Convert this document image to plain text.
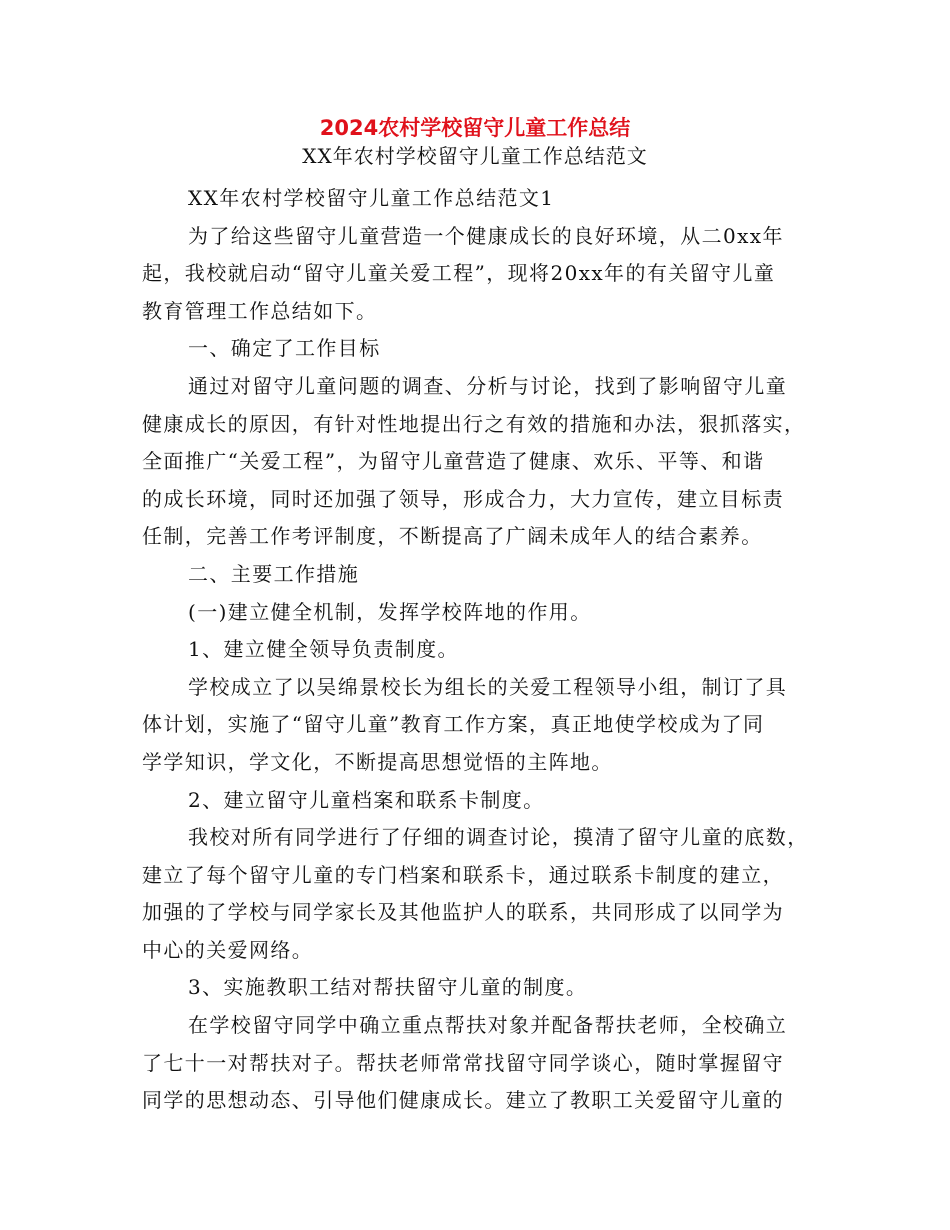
2024农村学校留守儿童工作总结
XX年农村学校留守儿童工作总结范文
XX年农村学校留守儿童工作总结范文1
为了给这些留守儿童营造一个健康成长的良好环境，从二0xx年
起，我校就启动“留守儿童关爱工程”，现将20xx年的有关留守儿童
教育管理工作总结如下。
一、确定了工作目标
通过对留守儿童问题的调查、分析与讨论，找到了影响留守儿童
健康成长的原因，有针对性地提出行之有效的措施和办法，狠抓落实，
全面推广“关爱工程”，为留守儿童营造了健康、欢乐、平等、和谐
的成长环境，同时还加强了领导，形成合力，大力宣传，建立目标责
任制，完善工作考评制度，不断提高了广阔未成年人的结合素养。
二、主要工作措施
(一)建立健全机制，发挥学校阵地的作用。
1、建立健全领导负责制度。
学校成立了以吴绵景校长为组长的关爱工程领导小组，制订了具
体计划，实施了“留守儿童”教育工作方案，真正地使学校成为了同
学学知识，学文化，不断提高思想觉悟的主阵地。
2、建立留守儿童档案和联系卡制度。
我校对所有同学进行了仔细的调查讨论，摸清了留守儿童的底数，
建立了每个留守儿童的专门档案和联系卡，通过联系卡制度的建立，
加强的了学校与同学家长及其他监护人的联系，共同形成了以同学为
中心的关爱网络。
3、实施教职工结对帮扶留守儿童的制度。
在学校留守同学中确立重点帮扶对象并配备帮扶老师，全校确立
了七十一对帮扶对子。帮扶老师常常找留守同学谈心，随时掌握留守
同学的思想动态、引导他们健康成长。建立了教职工关爱留守儿童的
